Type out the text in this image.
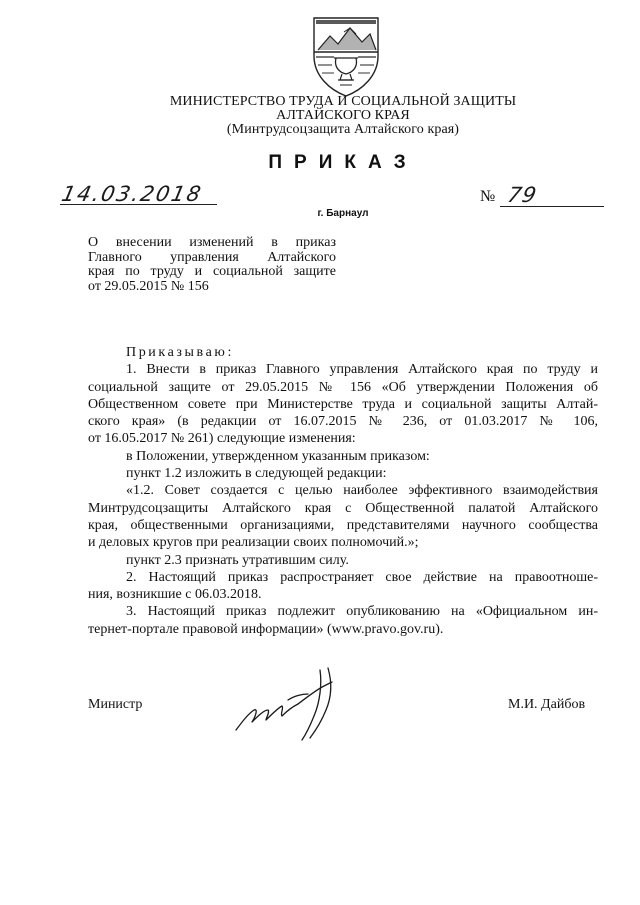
МИНИСТЕРСТВО ТРУДА И СОЦИАЛЬНОЙ ЗАЩИТЫ
АЛТАЙСКОГО КРАЯ
(Минтрудсоцзащита Алтайского края)
ПРИКАЗ
14.03.2018	№ 79
г. Барнаул
О внесении изменений в приказ
Главного управления Алтайского
края по труду и социальной защите
от 29.05.2015 № 156
Приказываю:
1. Внести в приказ Главного управления Алтайского края по труду и
социальной защите от 29.05.2015 № 156 «Об утверждении Положения об
Общественном совете при Министерстве труда и социальной защиты Алтай-
ского края» (в редакции от 16.07.2015 № 236, от 01.03.2017 № 106,
от 16.05.2017 № 261) следующие изменения:
в Положении, утвержденном указанным приказом:
пункт 1.2 изложить в следующей редакции:
«1.2. Совет создается с целью наиболее эффективного взаимодействия
Минтрудсоцзащиты Алтайского края с Общественной палатой Алтайского
края, общественными организациями, представителями научного сообщества
и деловых кругов при реализации своих полномочий.»;
пункт 2.3 признать утратившим силу.
2. Настоящий приказ распространяет свое действие на правоотноше-
ния, возникшие с 06.03.2018.
3. Настоящий приказ подлежит опубликованию на «Официальном ин-
тернет-портале правовой информации» (www.pravo.gov.ru).
Министр	М.И. Дайбов
